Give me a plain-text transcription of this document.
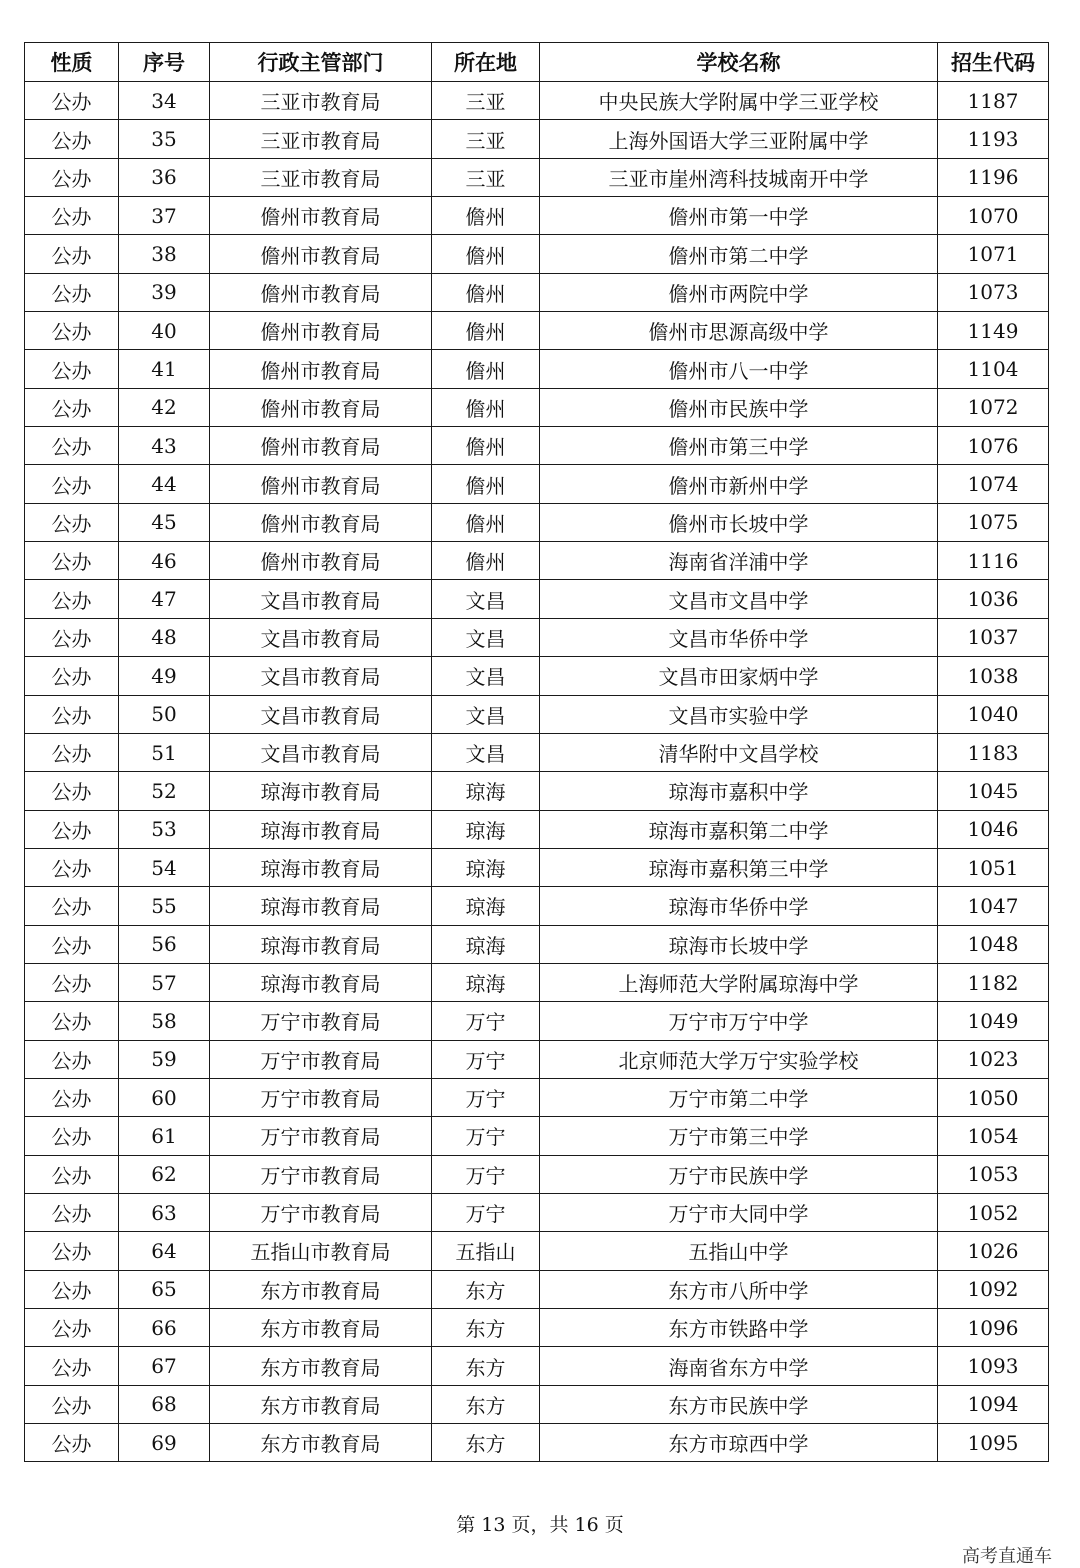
性质	序号	行政主管部门	所在地	学校名称	招生代码
公办	34	三亚市教育局	三亚	中央民族大学附属中学三亚学校	1187
公办	35	三亚市教育局	三亚	上海外国语大学三亚附属中学	1193
公办	36	三亚市教育局	三亚	三亚市崖州湾科技城南开中学	1196
公办	37	儋州市教育局	儋州	儋州市第一中学	1070
公办	38	儋州市教育局	儋州	儋州市第二中学	1071
公办	39	儋州市教育局	儋州	儋州市两院中学	1073
公办	40	儋州市教育局	儋州	儋州市思源高级中学	1149
公办	41	儋州市教育局	儋州	儋州市八一中学	1104
公办	42	儋州市教育局	儋州	儋州市民族中学	1072
公办	43	儋州市教育局	儋州	儋州市第三中学	1076
公办	44	儋州市教育局	儋州	儋州市新州中学	1074
公办	45	儋州市教育局	儋州	儋州市长坡中学	1075
公办	46	儋州市教育局	儋州	海南省洋浦中学	1116
公办	47	文昌市教育局	文昌	文昌市文昌中学	1036
公办	48	文昌市教育局	文昌	文昌市华侨中学	1037
公办	49	文昌市教育局	文昌	文昌市田家炳中学	1038
公办	50	文昌市教育局	文昌	文昌市实验中学	1040
公办	51	文昌市教育局	文昌	清华附中文昌学校	1183
公办	52	琼海市教育局	琼海	琼海市嘉积中学	1045
公办	53	琼海市教育局	琼海	琼海市嘉积第二中学	1046
公办	54	琼海市教育局	琼海	琼海市嘉积第三中学	1051
公办	55	琼海市教育局	琼海	琼海市华侨中学	1047
公办	56	琼海市教育局	琼海	琼海市长坡中学	1048
公办	57	琼海市教育局	琼海	上海师范大学附属琼海中学	1182
公办	58	万宁市教育局	万宁	万宁市万宁中学	1049
公办	59	万宁市教育局	万宁	北京师范大学万宁实验学校	1023
公办	60	万宁市教育局	万宁	万宁市第二中学	1050
公办	61	万宁市教育局	万宁	万宁市第三中学	1054
公办	62	万宁市教育局	万宁	万宁市民族中学	1053
公办	63	万宁市教育局	万宁	万宁市大同中学	1052
公办	64	五指山市教育局	五指山	五指山中学	1026
公办	65	东方市教育局	东方	东方市八所中学	1092
公办	66	东方市教育局	东方	东方市铁路中学	1096
公办	67	东方市教育局	东方	海南省东方中学	1093
公办	68	东方市教育局	东方	东方市民族中学	1094
公办	69	东方市教育局	东方	东方市琼西中学	1095
第 13 页，共 16 页
高考直通车
